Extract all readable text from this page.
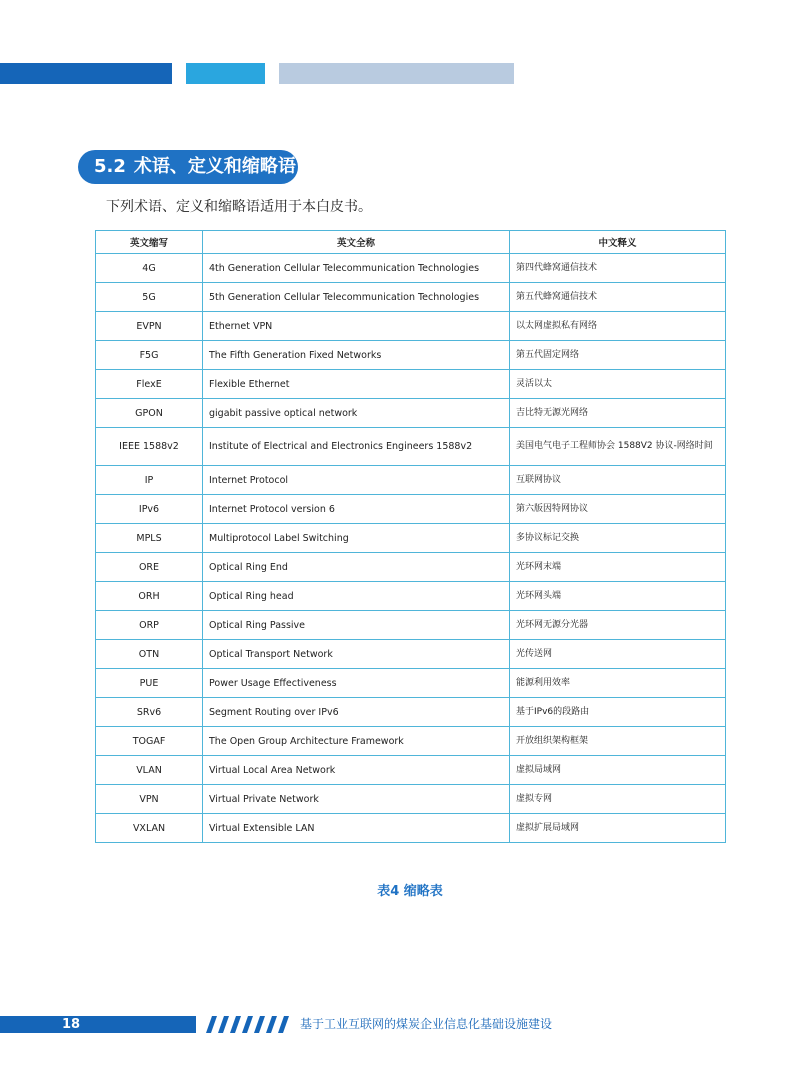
5.2 术语、定义和缩略语
下列术语、定义和缩略语适用于本白皮书。
英文缩写	英文全称	中文释义
4G	4th Generation Cellular Telecommunication Technologies	第四代蜂窝通信技术
5G	5th Generation Cellular Telecommunication Technologies	第五代蜂窝通信技术
EVPN	Ethernet VPN	以太网虚拟私有网络
F5G	The Fifth Generation Fixed Networks	第五代固定网络
FlexE	Flexible Ethernet	灵活以太
GPON	gigabit passive optical network	吉比特无源光网络
IEEE 1588v2	Institute of Electrical and Electronics Engineers 1588v2	美国电气电子工程师协会 1588V2 协议-网络时间
IP	Internet Protocol	互联网协议
IPv6	Internet Protocol version 6	第六版因特网协议
MPLS	Multiprotocol Label Switching	多协议标记交换
ORE	Optical Ring End	光环网末端
ORH	Optical Ring head	光环网头端
ORP	Optical Ring Passive	光环网无源分光器
OTN	Optical Transport Network	光传送网
PUE	Power Usage Effectiveness	能源利用效率
SRv6	Segment Routing over IPv6	基于IPv6的段路由
TOGAF	The Open Group Architecture Framework	开放组织架构框架
VLAN	Virtual Local Area Network	虚拟局域网
VPN	Virtual Private Network	虚拟专网
VXLAN	Virtual Extensible LAN	虚拟扩展局域网
表4 缩略表
18	基于工业互联网的煤炭企业信息化基础设施建设
